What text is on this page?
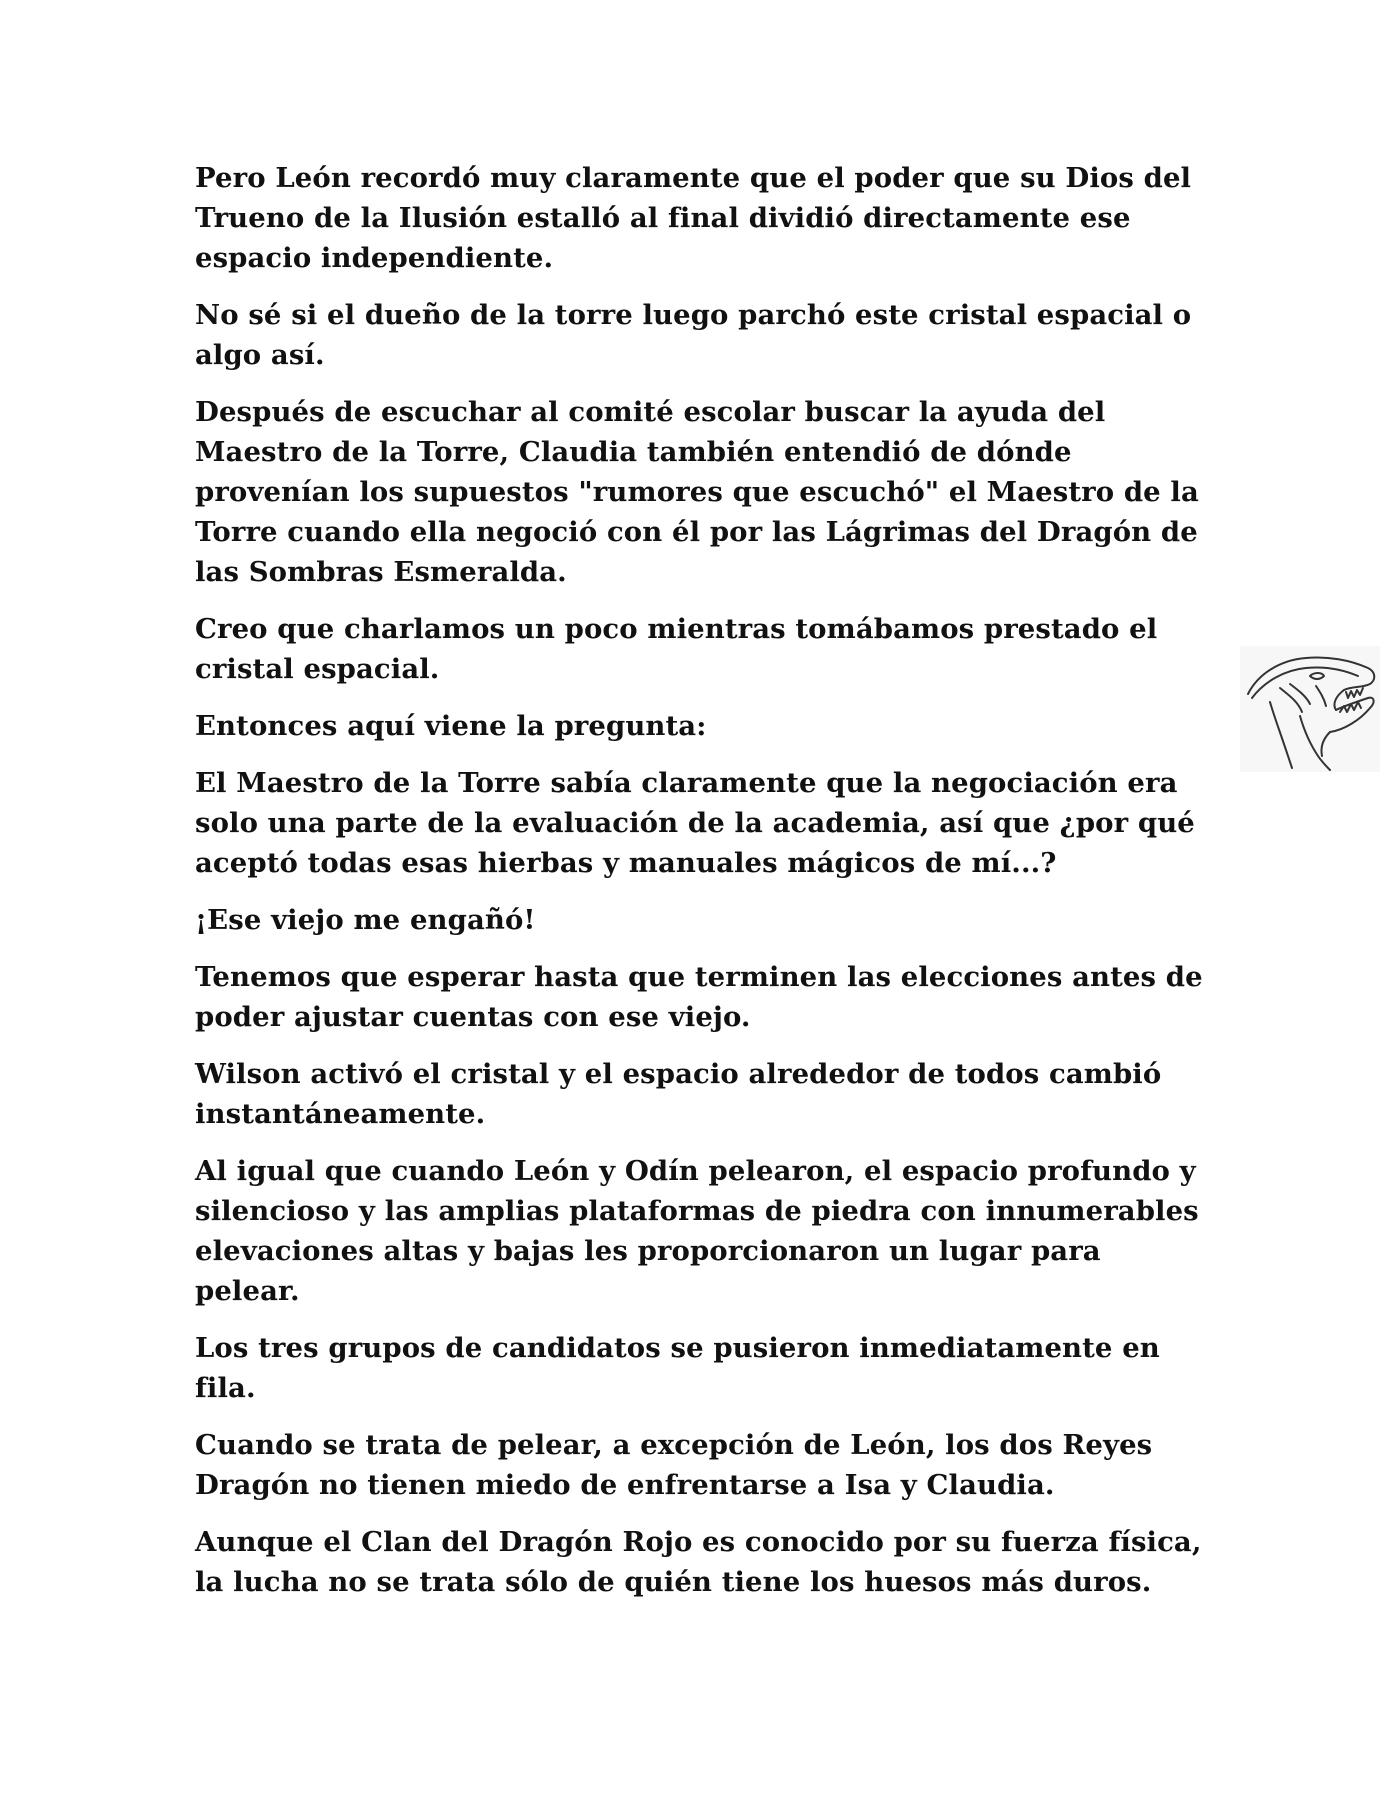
Pero León recordó muy claramente que el poder que su Dios del Trueno de la Ilusión estalló al final dividió directamente ese espacio independiente.

No sé si el dueño de la torre luego parchó este cristal espacial o algo así.

Después de escuchar al comité escolar buscar la ayuda del Maestro de la Torre, Claudia también entendió de dónde provenían los supuestos "rumores que escuchó" el Maestro de la Torre cuando ella negoció con él por las Lágrimas del Dragón de las Sombras Esmeralda.

Creo que charlamos un poco mientras tomábamos prestado el cristal espacial.

Entonces aquí viene la pregunta:

El Maestro de la Torre sabía claramente que la negociación era solo una parte de la evaluación de la academia, así que ¿por qué aceptó todas esas hierbas y manuales mágicos de mí...?

¡Ese viejo me engañó!

Tenemos que esperar hasta que terminen las elecciones antes de poder ajustar cuentas con ese viejo.

Wilson activó el cristal y el espacio alrededor de todos cambió instantáneamente.

Al igual que cuando León y Odín pelearon, el espacio profundo y silencioso y las amplias plataformas de piedra con innumerables elevaciones altas y bajas les proporcionaron un lugar para pelear.

Los tres grupos de candidatos se pusieron inmediatamente en fila.

Cuando se trata de pelear, a excepción de León, los dos Reyes Dragón no tienen miedo de enfrentarse a Isa y Claudia.

Aunque el Clan del Dragón Rojo es conocido por su fuerza física, la lucha no se trata sólo de quién tiene los huesos más duros.
